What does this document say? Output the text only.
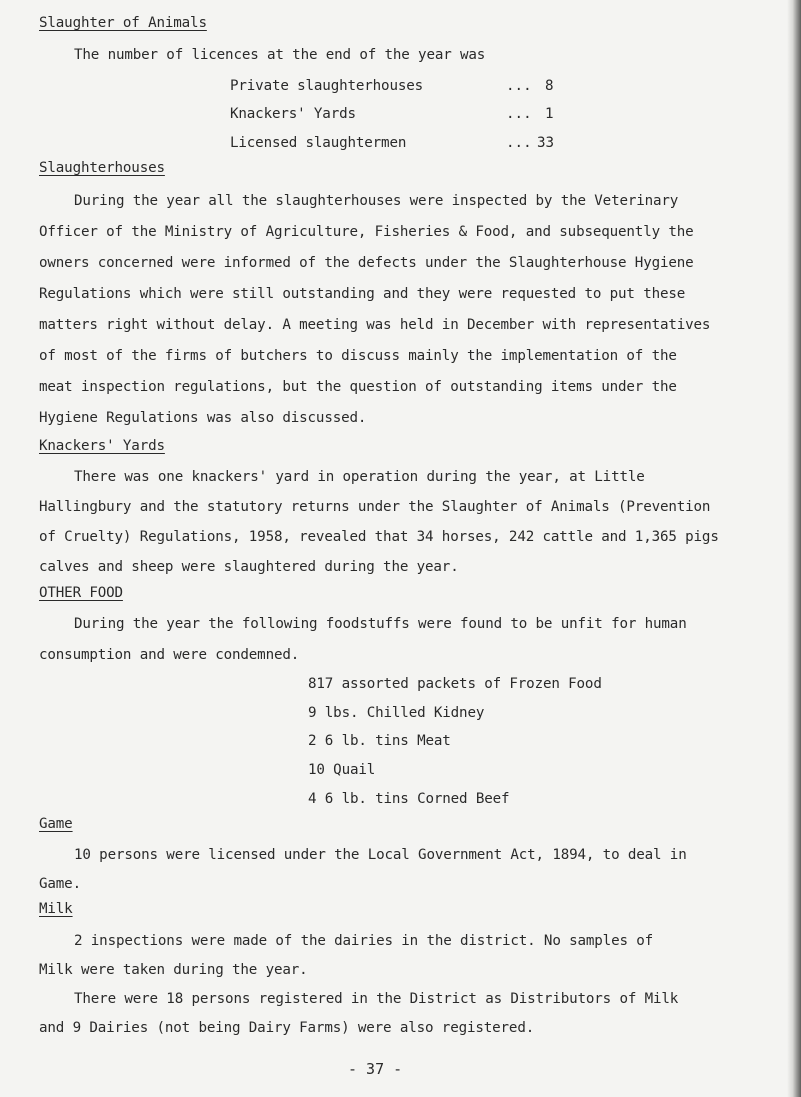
Slaughter of Animals
The number of licences at the end of the year was
Private slaughterhouses	... 8
Knackers' Yards	... 1
Licensed slaughtermen	... 33
Slaughterhouses
During the year all the slaughterhouses were inspected by the Veterinary
Officer of the Ministry of Agriculture, Fisheries & Food, and subsequently the
owners concerned were informed of the defects under the Slaughterhouse Hygiene
Regulations which were still outstanding and they were requested to put these
matters right without delay. A meeting was held in December with representatives
of most of the firms of butchers to discuss mainly the implementation of the
meat inspection regulations, but the question of outstanding items under the
Hygiene Regulations was also discussed.
Knackers' Yards
There was one knackers' yard in operation during the year, at Little
Hallingbury and the statutory returns under the Slaughter of Animals (Prevention
of Cruelty) Regulations, 1958, revealed that 34 horses, 242 cattle and 1,365 pigs
calves and sheep were slaughtered during the year.
OTHER FOOD
During the year the following foodstuffs were found to be unfit for human
consumption and were condemned.
817 assorted packets of Frozen Food
9 lbs. Chilled Kidney
2 6 lb. tins Meat
10 Quail
4 6 lb. tins Corned Beef
Game
10 persons were licensed under the Local Government Act, 1894, to deal in
Game.
Milk
2 inspections were made of the dairies in the district. No samples of
Milk were taken during the year.
There were 18 persons registered in the District as Distributors of Milk
and 9 Dairies (not being Dairy Farms) were also registered.
- 37 -
